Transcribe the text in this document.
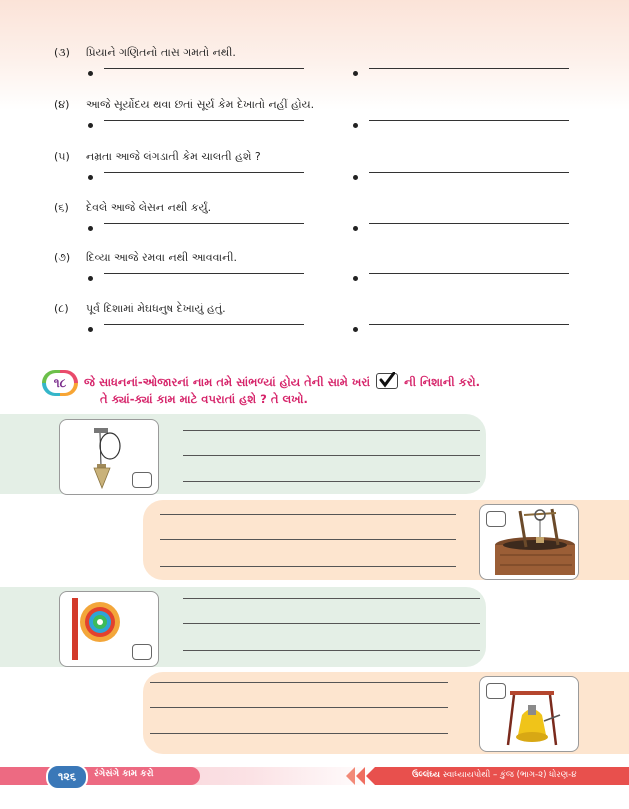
(૩) પ્રિયાને ગણિતનો તાસ ગમતો નથી.
(૪) આજે સૂર્યોદય થવા છતાં સૂર્ય કેમ દેખાતો નહીં હોય.
(૫) નમ્રતા આજે લંગડાતી કેમ ચાલતી હશે ?
(૬) દેવલે આજે લેસન નથી કર્યું.
(૭) દિવ્યા આજે રમવા નથી આવવાની.
(૮) પૂર્વ દિશામાં મેઘધનુષ દેખાયું હતું.
૧૮	જે સાધનનાં-ઓજારનાં નામ તમે સાંભળ્યાં હોય તેની સામે ખરાં	ની નિશાની કરો.
તે ક્યાં-ક્યાં કામ માટે વપરાતાં હશે ? તે લખો.
૧૨૬	રંગેસંગે કામ કરો	ઉલ્લંઘ્ય સ્વાધ્યાયપોથી – કુંજ (ભાગ-૨) ધોરણ-૪
